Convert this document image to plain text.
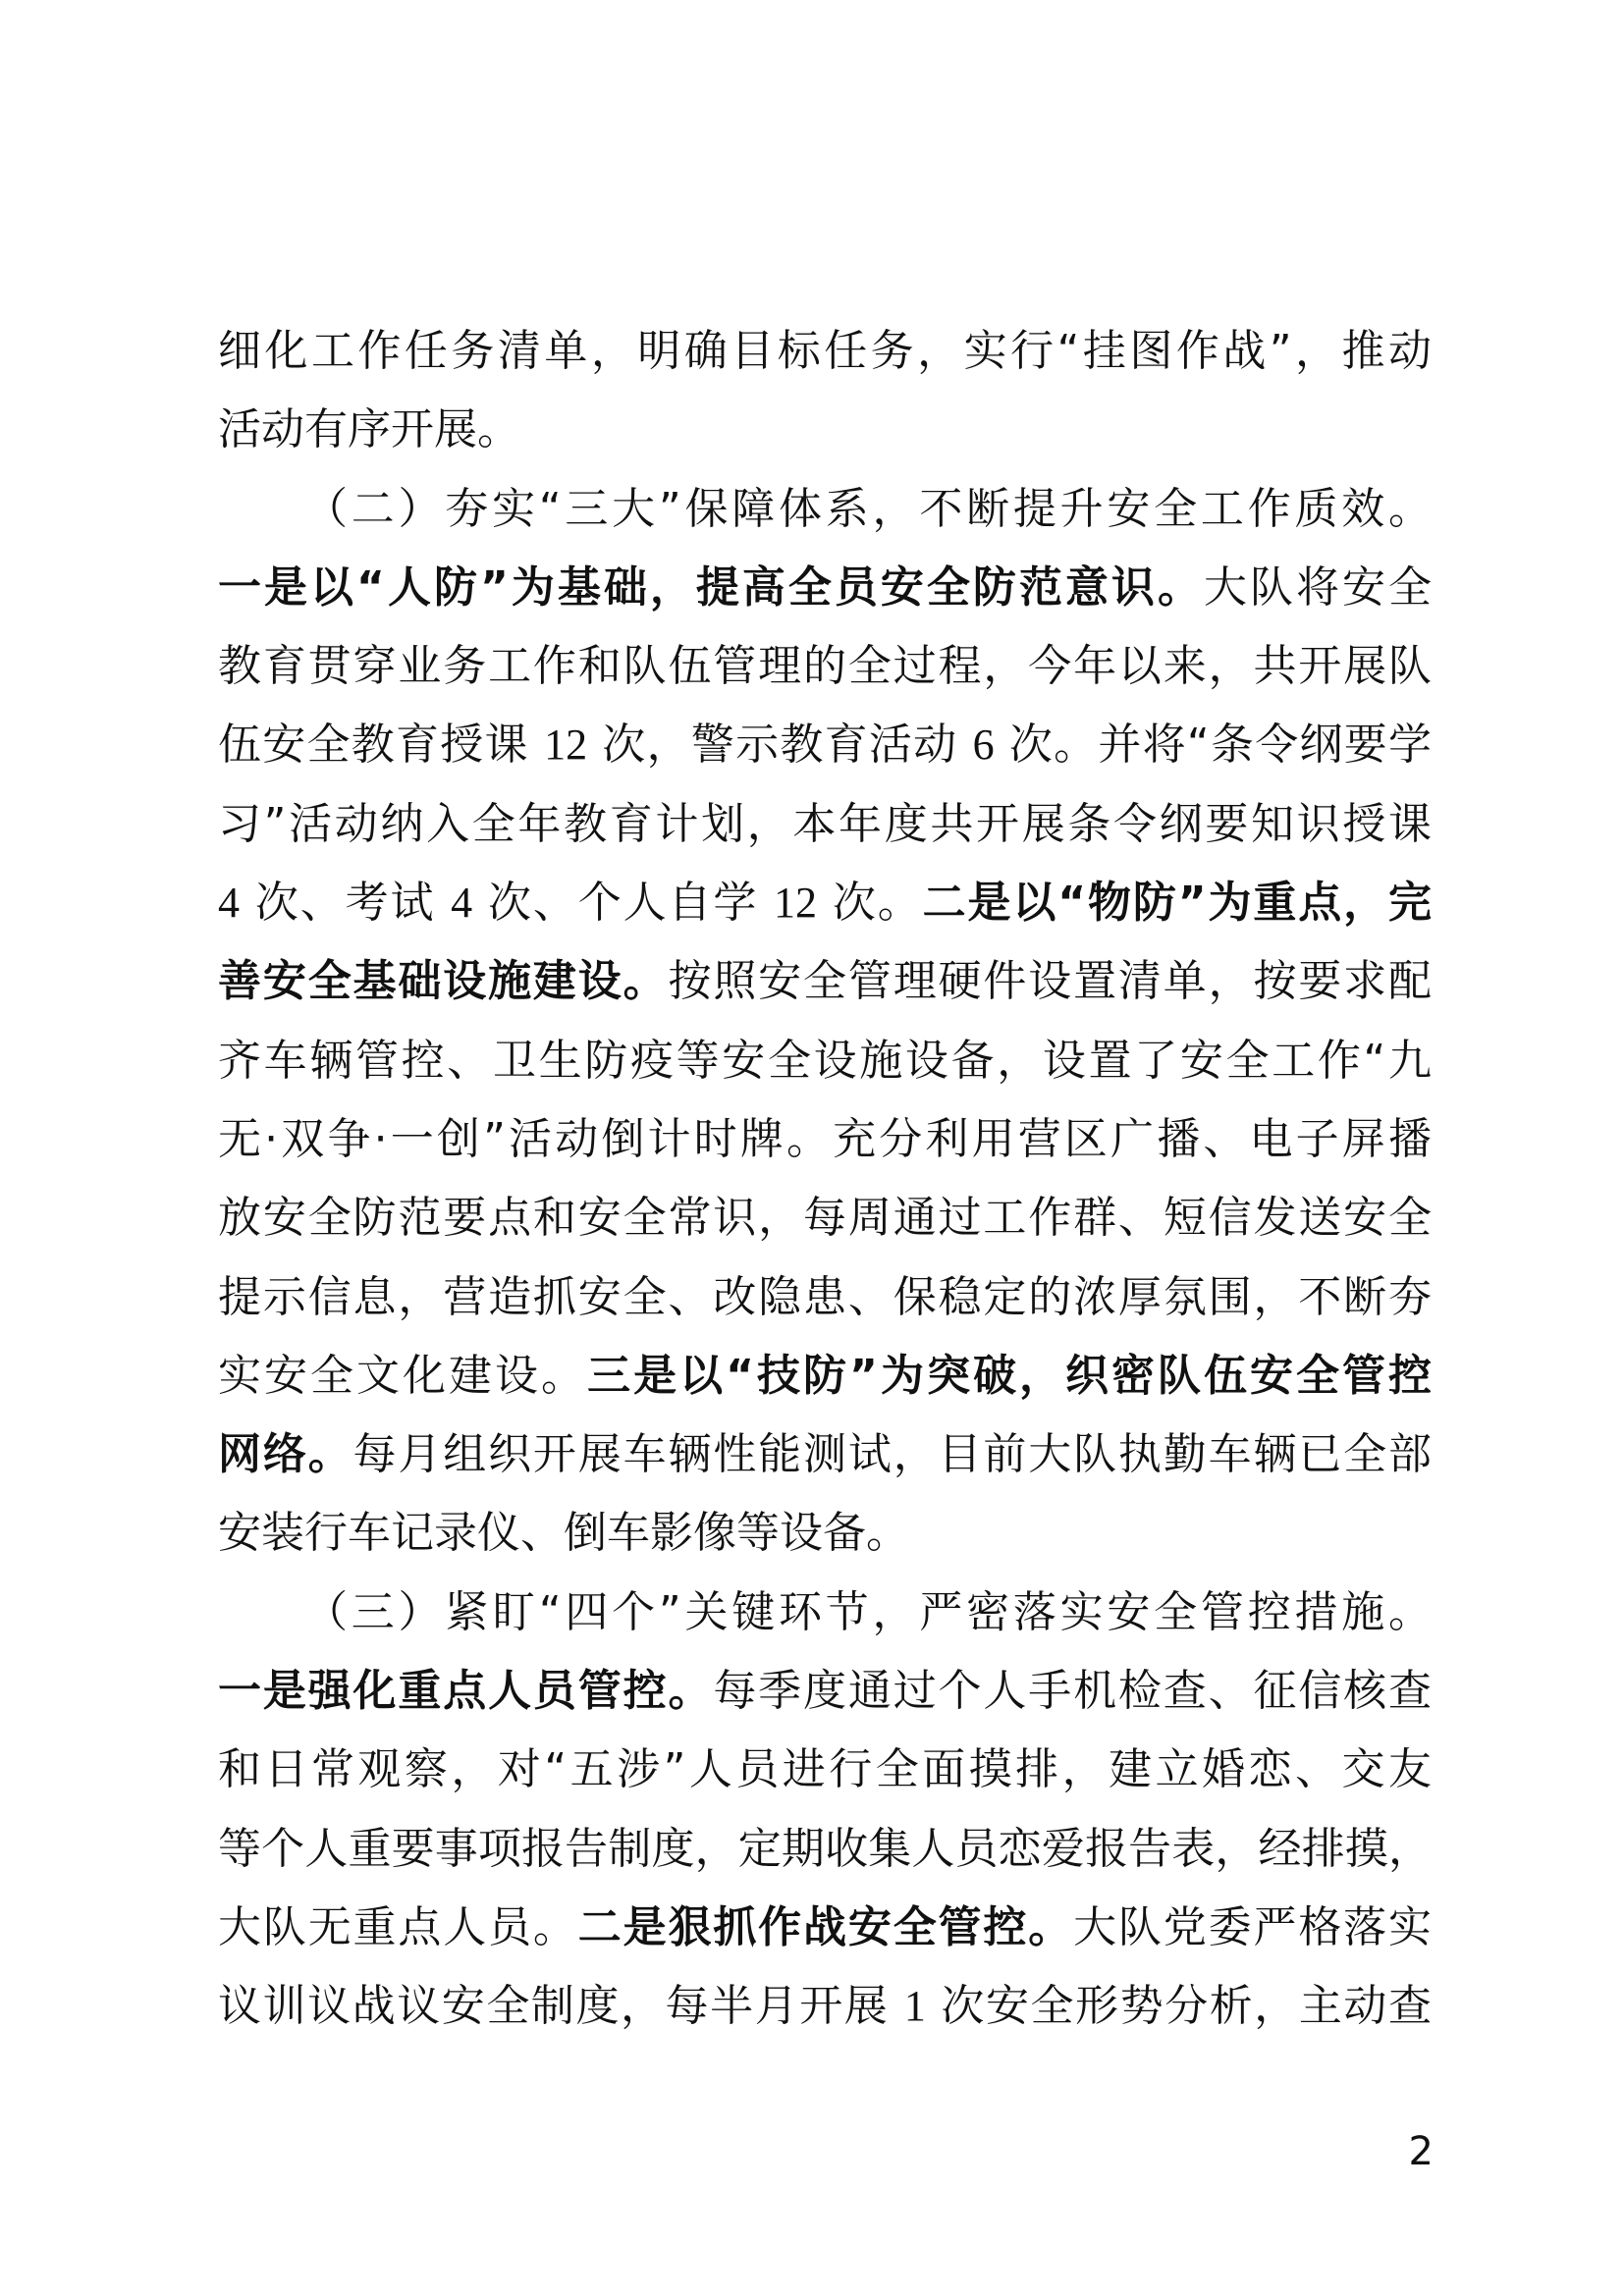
细化工作任务清单，明确目标任务，实行“挂图作战”，推动
活动有序开展。
（二）夯实“三大”保障体系，不断提升安全工作质效。
一是以“人防”为基础，提高全员安全防范意识。大队将安全
教育贯穿业务工作和队伍管理的全过程，今年以来，共开展队
伍安全教育授课 12 次，警示教育活动 6 次。并将“条令纲要学
习”活动纳入全年教育计划，本年度共开展条令纲要知识授课
4 次、考试 4 次、个人自学 12 次。二是以“物防”为重点，完
善安全基础设施建设。按照安全管理硬件设置清单，按要求配
齐车辆管控、卫生防疫等安全设施设备，设置了安全工作“九
无·双争·一创”活动倒计时牌。充分利用营区广播、电子屏播
放安全防范要点和安全常识，每周通过工作群、短信发送安全
提示信息，营造抓安全、改隐患、保稳定的浓厚氛围，不断夯
实安全文化建设。三是以“技防”为突破，织密队伍安全管控
网络。每月组织开展车辆性能测试，目前大队执勤车辆已全部
安装行车记录仪、倒车影像等设备。
（三）紧盯“四个”关键环节，严密落实安全管控措施。
一是强化重点人员管控。每季度通过个人手机检查、征信核查
和日常观察，对“五涉”人员进行全面摸排，建立婚恋、交友
等个人重要事项报告制度，定期收集人员恋爱报告表，经排摸，
大队无重点人员。二是狠抓作战安全管控。大队党委严格落实
议训议战议安全制度，每半月开展 1 次安全形势分析，主动查
2
